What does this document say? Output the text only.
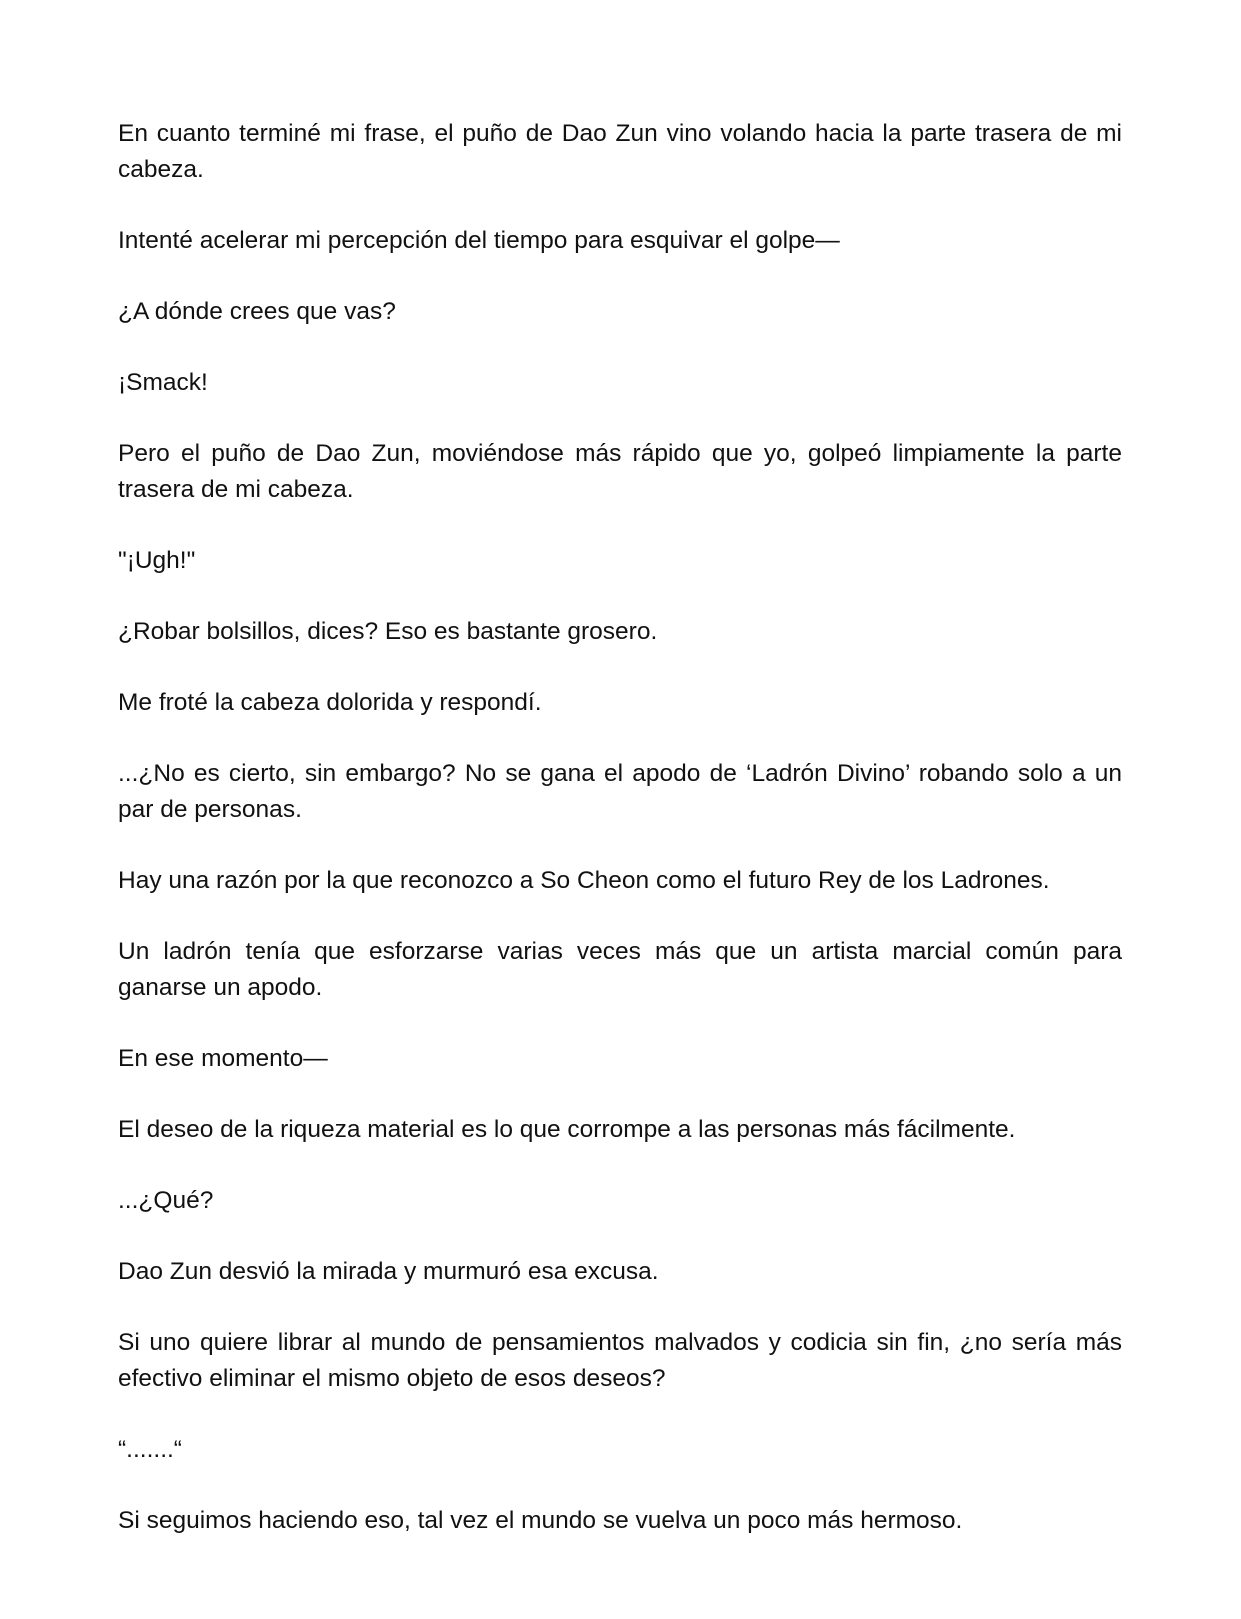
En cuanto terminé mi frase, el puño de Dao Zun vino volando hacia la parte trasera de mi cabeza.

Intenté acelerar mi percepción del tiempo para esquivar el golpe—

¿A dónde crees que vas?

¡Smack!

Pero el puño de Dao Zun, moviéndose más rápido que yo, golpeó limpiamente la parte trasera de mi cabeza.

"¡Ugh!"

¿Robar bolsillos, dices? Eso es bastante grosero.

Me froté la cabeza dolorida y respondí.

...¿No es cierto, sin embargo? No se gana el apodo de ‘Ladrón Divino’ robando solo a un par de personas.

Hay una razón por la que reconozco a So Cheon como el futuro Rey de los Ladrones.

Un ladrón tenía que esforzarse varias veces más que un artista marcial común para ganarse un apodo.

En ese momento—

El deseo de la riqueza material es lo que corrompe a las personas más fácilmente.

...¿Qué?

Dao Zun desvió la mirada y murmuró esa excusa.

Si uno quiere librar al mundo de pensamientos malvados y codicia sin fin, ¿no sería más efectivo eliminar el mismo objeto de esos deseos?

“.......“

Si seguimos haciendo eso, tal vez el mundo se vuelva un poco más hermoso.
